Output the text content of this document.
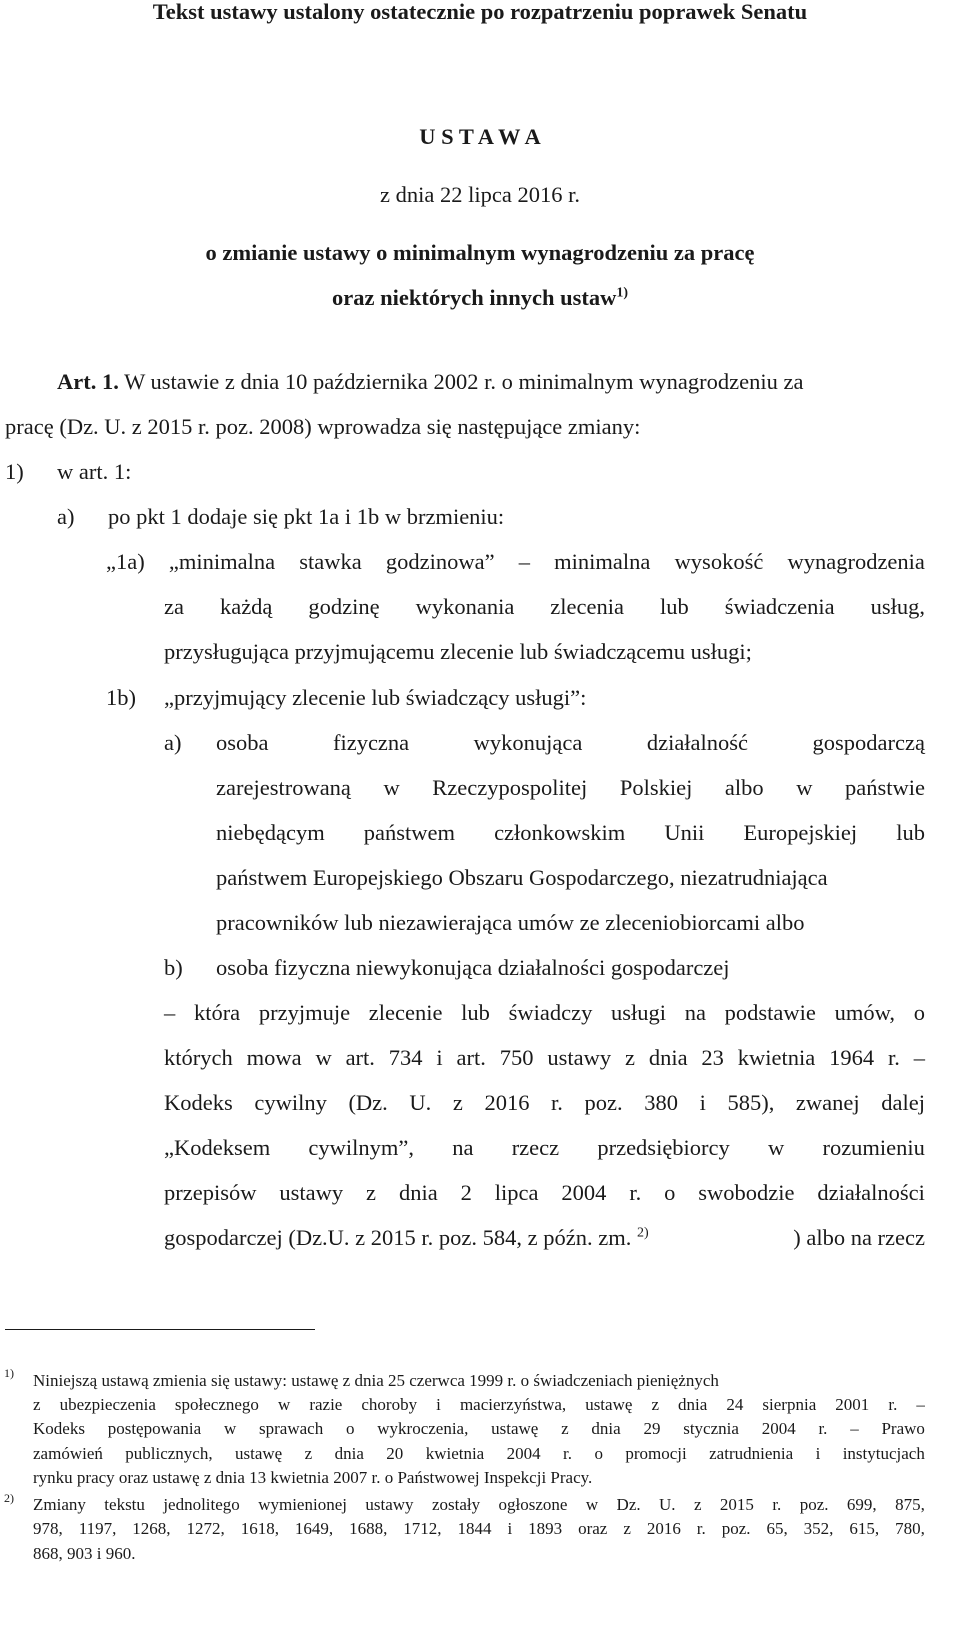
Tekst ustawy ustalony ostatecznie po rozpatrzeniu poprawek Senatu
U S T A W A
z dnia 22 lipca 2016 r.
o zmianie ustawy o minimalnym wynagrodzeniu za pracę
oraz niektórych innych ustaw$^{1)}$
Art. 1. W ustawie z dnia 10 października 2002 r. o minimalnym wynagrodzeniu za
pracę (Dz. U. z 2015 r. poz. 2008) wprowadza się następujące zmiany:
1) w art. 1:
a) po pkt 1 dodaje się pkt 1a i 1b w brzmieniu:
„1a) „minimalna stawka godzinowa” – minimalna wysokość wynagrodzenia
za każdą godzinę wykonania zlecenia lub świadczenia usług,
przysługująca przyjmującemu zlecenie lub świadczącemu usługi;
1b) „przyjmujący zlecenie lub świadczący usługi”:
a) osoba	fizyczna	wykonująca	działalność	gospodarczą
zarejestrowaną w Rzeczypospolitej Polskiej albo w państwie
niebędącym państwem członkowskim Unii Europejskiej lub
państwem Europejskiego Obszaru Gospodarczego, niezatrudniająca
pracowników lub niezawierająca umów ze zleceniobiorcami albo
b) osoba fizyczna niewykonująca działalności gospodarczej
– która przyjmuje zlecenie lub świadczy usługi na podstawie umów, o
których mowa w art. 734 i art. 750 ustawy z dnia 23 kwietnia 1964 r. –
Kodeks cywilny (Dz. U. z 2016 r. poz. 380 i 585), zwanej dalej
„Kodeksem cywilnym”, na rzecz przedsiębiorcy w rozumieniu
przepisów ustawy z dnia 2 lipca 2004 r. o swobodzie działalności
gospodarczej (Dz.U. z 2015 r. poz. 584, z późn. zm. $^{2)}$	) albo na rzecz
1) Niniejszą ustawą zmienia się ustawy: ustawę z dnia 25 czerwca 1999 r. o świadczeniach pieniężnych
z ubezpieczenia społecznego w razie choroby i macierzyństwa, ustawę z dnia 24 sierpnia 2001 r. –
Kodeks postępowania w sprawach o wykroczenia, ustawę z dnia 29 stycznia 2004 r. – Prawo
zamówień publicznych, ustawę z dnia 20 kwietnia 2004 r. o promocji zatrudnienia i instytucjach
rynku pracy oraz ustawę z dnia 13 kwietnia 2007 r. o Państwowej Inspekcji Pracy.
2) Zmiany tekstu jednolitego wymienionej ustawy zostały ogłoszone w Dz. U. z 2015 r. poz. 699, 875,
978, 1197, 1268, 1272, 1618, 1649, 1688, 1712, 1844 i 1893 oraz z 2016 r. poz. 65, 352, 615, 780,
868, 903 i 960.
